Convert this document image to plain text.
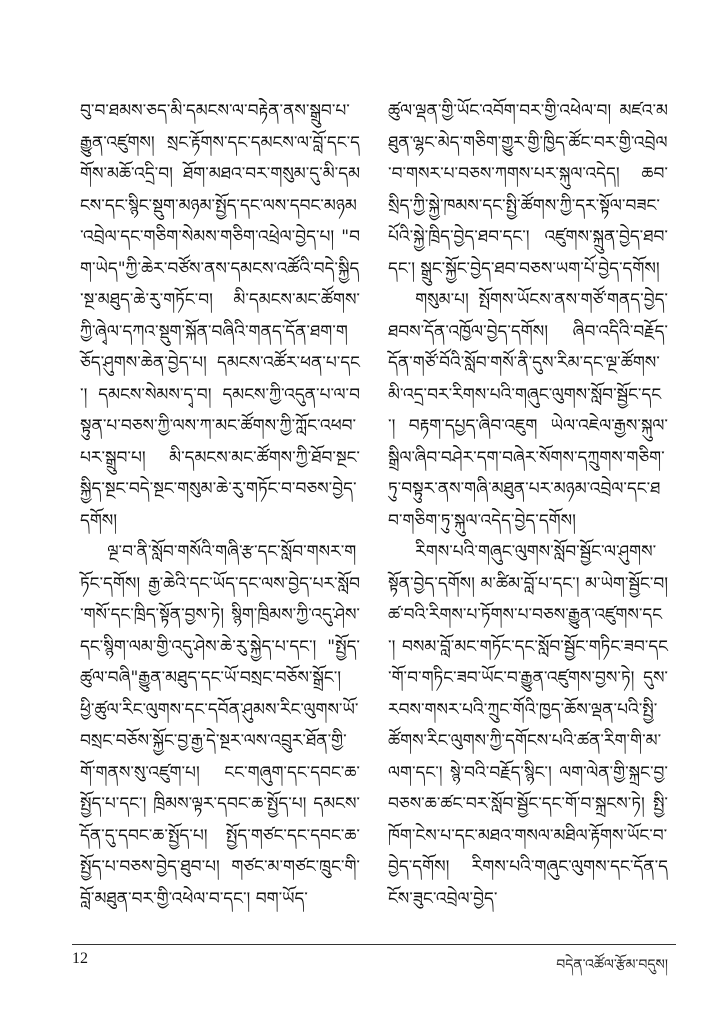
བུ་བ་ཐམས་ཅད་མི་དམངས་ལ་བརྟེན་ནས་སྒྲུབ་པ་རྒྱུན་འཛུགས། སྲང་རྟོགས་དང་དམངས་ལ་བློ་དང་དགོས་མཆོ་འདྲི་བ། ཐོག་མཐའ་བར་གསུམ་དུ་མི་དམངས་དང་སྙིང་སྡུག་མཉམ་སྤྱོད་དང་ལས་དབང་མཉམ་འབྲེལ་དང་གཅིག་སེམས་གཅིག་འཕྲེལ་བྱེད་པ། "བག་ཡེད"ཀྱི་ཆེར་བཙོས་ནས་དམངས་འཚོའི་བདེ་སྐྱིད་སྔ་མཐུད་ཆེ་རུ་གཏོང་བ། མི་དམངས་མང་ཚོགས་ཀྱི་ཞྭེལ་དཀའ་སྡུག་སྐོན་བཞིའི་གནད་དོན་ཐག་གཅོད་ཤུགས་ཆེན་བྱེད་པ། དམངས་འཚོར་ཕན་པ་དང་། དམངས་སེམས་དྭ་བ། དམངས་ཀྱི་འདུན་པ་ལ་བསྟུན་པ་བཅས་ཀྱི་ལས་ཀ་མང་ཚོགས་ཀྱི་ཀློང་འཕབ་པར་སྒྲུབ་པ། མི་དམངས་མང་ཚོགས་ཀྱི་ཐོབ་སྔང་སྐྱིད་སྔང་བདེ་སྔང་གསུམ་ཆེ་རུ་གཏོང་བ་བཅས་བྱེད་དགོས།

ལྔ་བ་ནི་སློབ་གསོའི་གཞི་རྩ་དང་སློབ་གསར་གཏོང་དགོས། རྒྱ་ཆེའི་དང་ཡོད་དང་ལས་བྱེད་པར་སློབ་གསོ་དང་ཁྲིད་སྟོན་བྱས་ཏེ། སྙིག་ཁྲིམས་ཀྱི་འདུ་ཤེས་དང་སྙིག་ལམ་གྱི་འདུ་ཤེས་ཆེ་རུ་སྐྱེད་པ་དང་། "སྤྱོད་ཚུལ་བཞི"རྒྱུན་མཐུད་དང་ཡོ་བསྲང་བཅོས་སྒྲོང་། ཕྱི་ཚུལ་རིང་ལུགས་དང་དབོན་ཤུམས་རིང་ལུགས་ཡོ་བསྲང་བཅོས་སྐྱོང་བྱ་རྒྱ་དེ་སྔར་ལས་འབྲུར་ཐོན་གྱི་གོ་གནས་སུ་འཛུག་པ། ངང་གཞུག་དང་དབང་ཆ་སྤྱོད་པ་དང་། ཁྲིམས་ལྟར་དབང་ཆ་སྤྱོད་པ། དམངས་དོན་དུ་དབང་ཆ་སྤྱོད་པ། སྤྱོད་གཙང་དང་དབང་ཆ་སྤྱོད་པ་བཅས་བྱེད་ཐུབ་པ། གཙང་མ་གཙང་ཁྲུང་གི་བློ་མཐུན་བར་གྱི་འཕེལ་བ་དང་། བག་ཡོད་

ཚུལ་ལྡན་གྱི་ཡོང་འབོག་བར་གྱི་འཕེལ་བ། མཛའ་མཐུན་ལྷང་མེད་གཅིག་གྱུར་གྱི་ཁྱིད་ཚོང་བར་གྱི་འབྲེལ་བ་གསར་པ་བཅས་ཀགས་པར་སྐུལ་འདེད། ཆབ་སྲིད་ཀྱི་སྐྱེ་ཁམས་དང་སྤྱི་ཚོགས་ཀྱི་དར་སྟོལ་བཟང་པོའི་སྐྱེ་ཁྲིད་བྱེད་ཐབ་དང་། འཛུགས་སྐྲུན་བྱེད་ཐབ་དང་། སྒྲུང་སྐྱོང་བྱེད་ཐབ་བཅས་ཡག་པོ་བྱེད་དགོས།

གསུམ་པ། སྤོགས་ཡོངས་ནས་གཙོ་གནད་བྱེད་ཐབས་དོན་འཁྱོལ་བྱེད་དགོས། ཞིབ་འདིའི་བརྗོད་དོན་གཙོ་བོའི་སློབ་གསོ་ནི་དུས་རིམ་དང་ལྔ་ཚོགས་མི་འདྲ་བར་རིགས་པའི་གཞུང་ལུགས་སློབ་སྦྱོང་དང་། བརྟག་དཔྱད་ཞིབ་འཇུག ཡེལ་འཇེལ་རྒྱས་སྐུལ་སྒྲིལ་ཞིབ་བཤེར་དག་བཞེར་སོགས་དཀྲུགས་གཅིག་ཏུ་བསྟུར་ནས་གཞི་མཐུན་པར་མཉམ་འབྲེལ་དང་ཐབ་གཅིག་ཏུ་སྐུལ་འདེད་བྱེད་དགོས།

རིགས་པའི་གཞུང་ལུགས་སློབ་སྦྱོང་ལ་ཤུགས་སྟོན་བྱེད་དགོས། མ་ཚིམ་བློ་པ་དང་། མ་ཡེག་སྦྱོང་བ། ཚ་བའི་རིགས་པ་ཏོགས་པ་བཅས་རྒྱུན་འཛུགས་དང་། བསམ་བློ་མང་གཏོང་དང་སློབ་སྦྱོང་གཏིང་ཟབ་དང་གོ་བ་གཏིང་ཟབ་ཡོང་བ་རྒྱུན་འཛུགས་བྱས་ཏེ། དུས་རབས་གསར་པའི་ཀྲུང་གོའི་ཁྱད་ཆོས་ལྡན་པའི་སྤྱི་ཚོགས་རིང་ལུགས་ཀྱི་དགོངས་པའི་ཚན་རིག་གི་མ་ལག་དང་། སྙེ་བའི་བརྗོད་སྙིང་། ལག་ལེན་གྱི་སྐྲང་བྱ་བཅས་ཆ་ཚང་བར་སློབ་སྦྱོང་དང་གོ་བ་སྐྲངས་ཏེ། སྤྱི་ཁོག་ངེས་པ་དང་མཐའ་གསལ་མཐིལ་རྟོགས་ཡོང་བ་བྱེད་དགོས། རིགས་པའི་གཞུང་ལུགས་དང་དོན་དངོས་ཟུང་འབྲེལ་བྱེད་

12	བདེན་འཚོལ་རྩོམ་བདུས།
